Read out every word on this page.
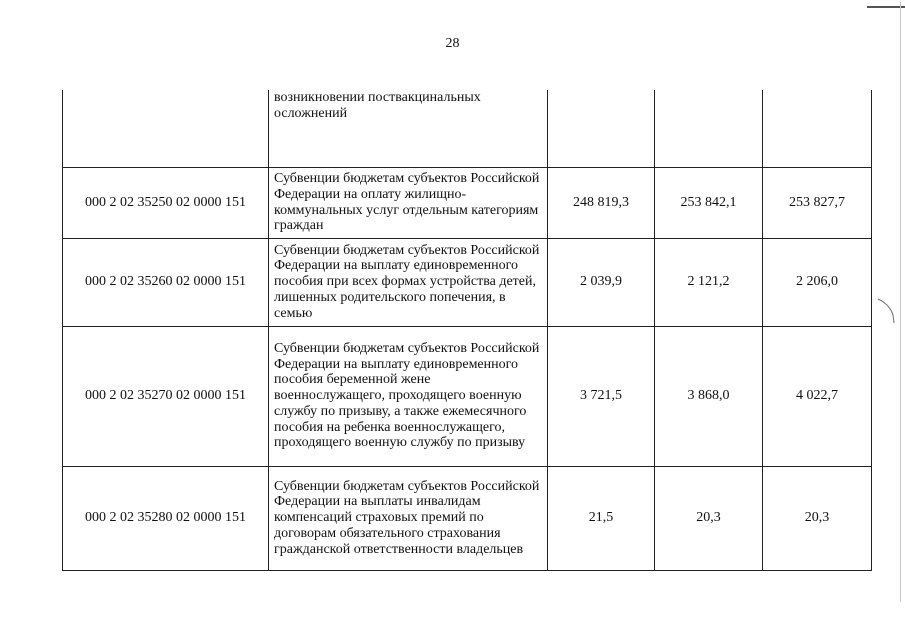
28

	возникновении поствакцинальных осложнений			

000 2 02 35250 02 0000 151	Субвенции бюджетам субъектов Российской Федерации на оплату жилищно-коммунальных услуг отдельным категориям граждан	248 819,3	253 842,1	253 827,7
000 2 02 35260 02 0000 151	Субвенции бюджетам субъектов Российской Федерации на выплату единовременного пособия при всех формах устройства детей, лишенных родительского попечения, в семью	2 039,9	2 121,2	2 206,0
000 2 02 35270 02 0000 151	Субвенции бюджетам субъектов Российской Федерации на выплату единовременного пособия беременной жене военнослужащего, проходящего военную службу по призыву, а также ежемесячного пособия на ребенка военнослужащего, проходящего военную службу по призыву	3 721,5	3 868,0	4 022,7
000 2 02 35280 02 0000 151	Субвенции бюджетам субъектов Российской Федерации на выплаты инвалидам компенсаций страховых премий по договорам обязательного страхования гражданской ответственности владельцев	21,5	20,3	20,3
